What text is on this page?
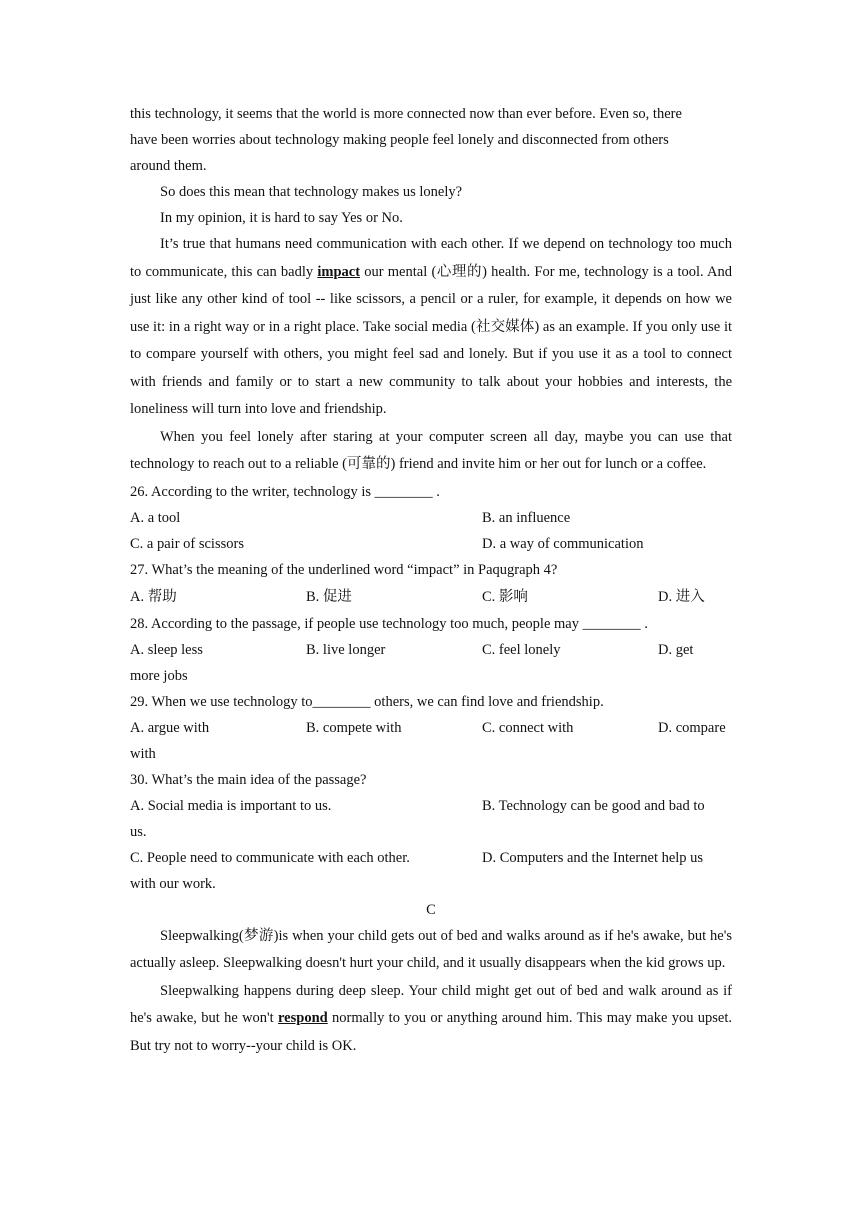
this technology, it seems that the world is more connected now than ever before. Even so, there

have been worries about technology making people feel lonely and disconnected from others

around them.

So does this mean that technology makes us lonely?

In my opinion, it is hard to say Yes or No.

It’s true that humans need communication with each other. If we depend on technology too much to communicate, this can badly impact our mental (心理的) health. For me, technology is a tool. And just like any other kind of tool -- like scissors, a pencil or a ruler, for example, it depends on how we use it: in a right way or in a right place. Take social media (社交媒体) as an example. If you only use it to compare yourself with others, you might feel sad and lonely. But if you use it as a tool to connect with friends and family or to start a new community to talk about your hobbies and interests, the loneliness will turn into love and friendship.

When you feel lonely after staring at your computer screen all day, maybe you can use that technology to reach out to a reliable (可靠的) friend and invite him or her out for lunch or a coffee.

26. According to the writer, technology is ________ .

A. a tool	B. an influence
C. a pair of scissors	D. a way of communication

27. What’s the meaning of the underlined word “impact” in Paqugraph 4?

A. 帮助	B. 促进	C. 影响	D. 进入

28. According to the passage, if people use technology too much, people may ________ .

A. sleep less	B. live longer	C. feel lonely	D. get

more jobs

29. When we use technology to________ others, we can find love and friendship.

A. argue with	B. compete with	C. connect with	D. compare

with

30. What’s the main idea of the passage?

A. Social media is important to us.	B. Technology can be good and bad to

us.

C. People need to communicate with each other.	D. Computers and the Internet help us

with our work.

C

Sleepwalking(梦游)is when your child gets out of bed and walks around as if he's awake, but he's actually asleep. Sleepwalking doesn't hurt your child, and it usually disappears when the kid grows up.

Sleepwalking happens during deep sleep. Your child might get out of bed and walk around as if he's awake, but he won't respond normally to you or anything around him. This may make you upset. But try not to worry--your child is OK.
